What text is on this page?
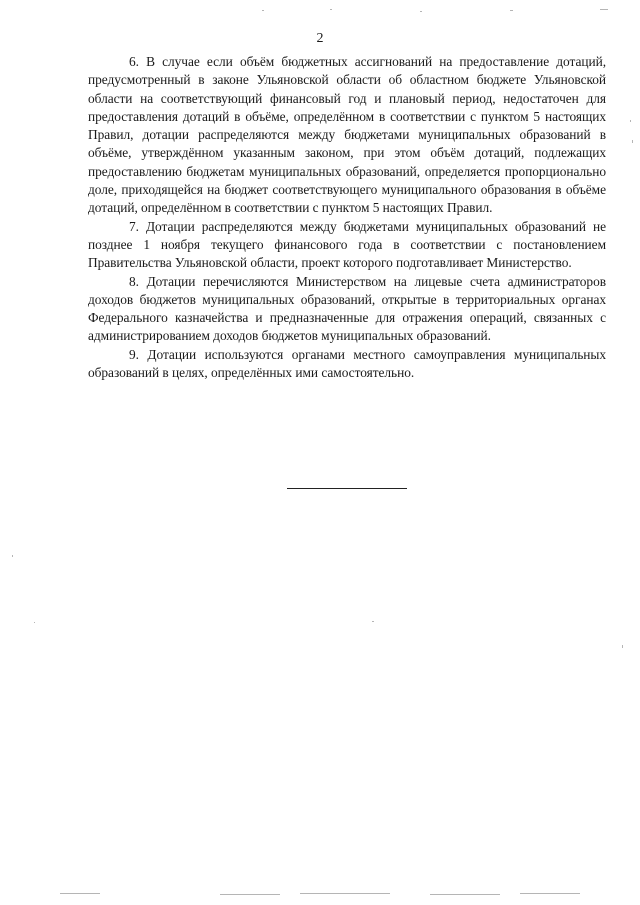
2

6. В случае если объём бюджетных ассигнований на предоставление дотаций, предусмотренный в законе Ульяновской области об областном бюджете Ульяновской области на соответствующий финансовый год и плановый период, недостаточен для предоставления дотаций в объёме, определённом в соответствии с пунктом 5 настоящих Правил, дотации распределяются между бюджетами муниципальных образований в объёме, утверждённом указанным законом, при этом объём дотаций, подлежащих предоставлению бюджетам муниципальных образований, определяется пропорционально доле, приходящейся на бюджет соответствующего муниципального образования в объёме дотаций, определённом в соответствии с пунктом 5 настоящих Правил.

7. Дотации распределяются между бюджетами муниципальных образований не позднее 1 ноября текущего финансового года в соответствии с постановлением Правительства Ульяновской области, проект которого подготавливает Министерство.

8. Дотации перечисляются Министерством на лицевые счета администраторов доходов бюджетов муниципальных образований, открытые в территориальных органах Федерального казначейства и предназначенные для отражения операций, связанных с администрированием доходов бюджетов муниципальных образований.

9. Дотации используются органами местного самоуправления муниципальных образований в целях, определённых ими самостоятельно.
